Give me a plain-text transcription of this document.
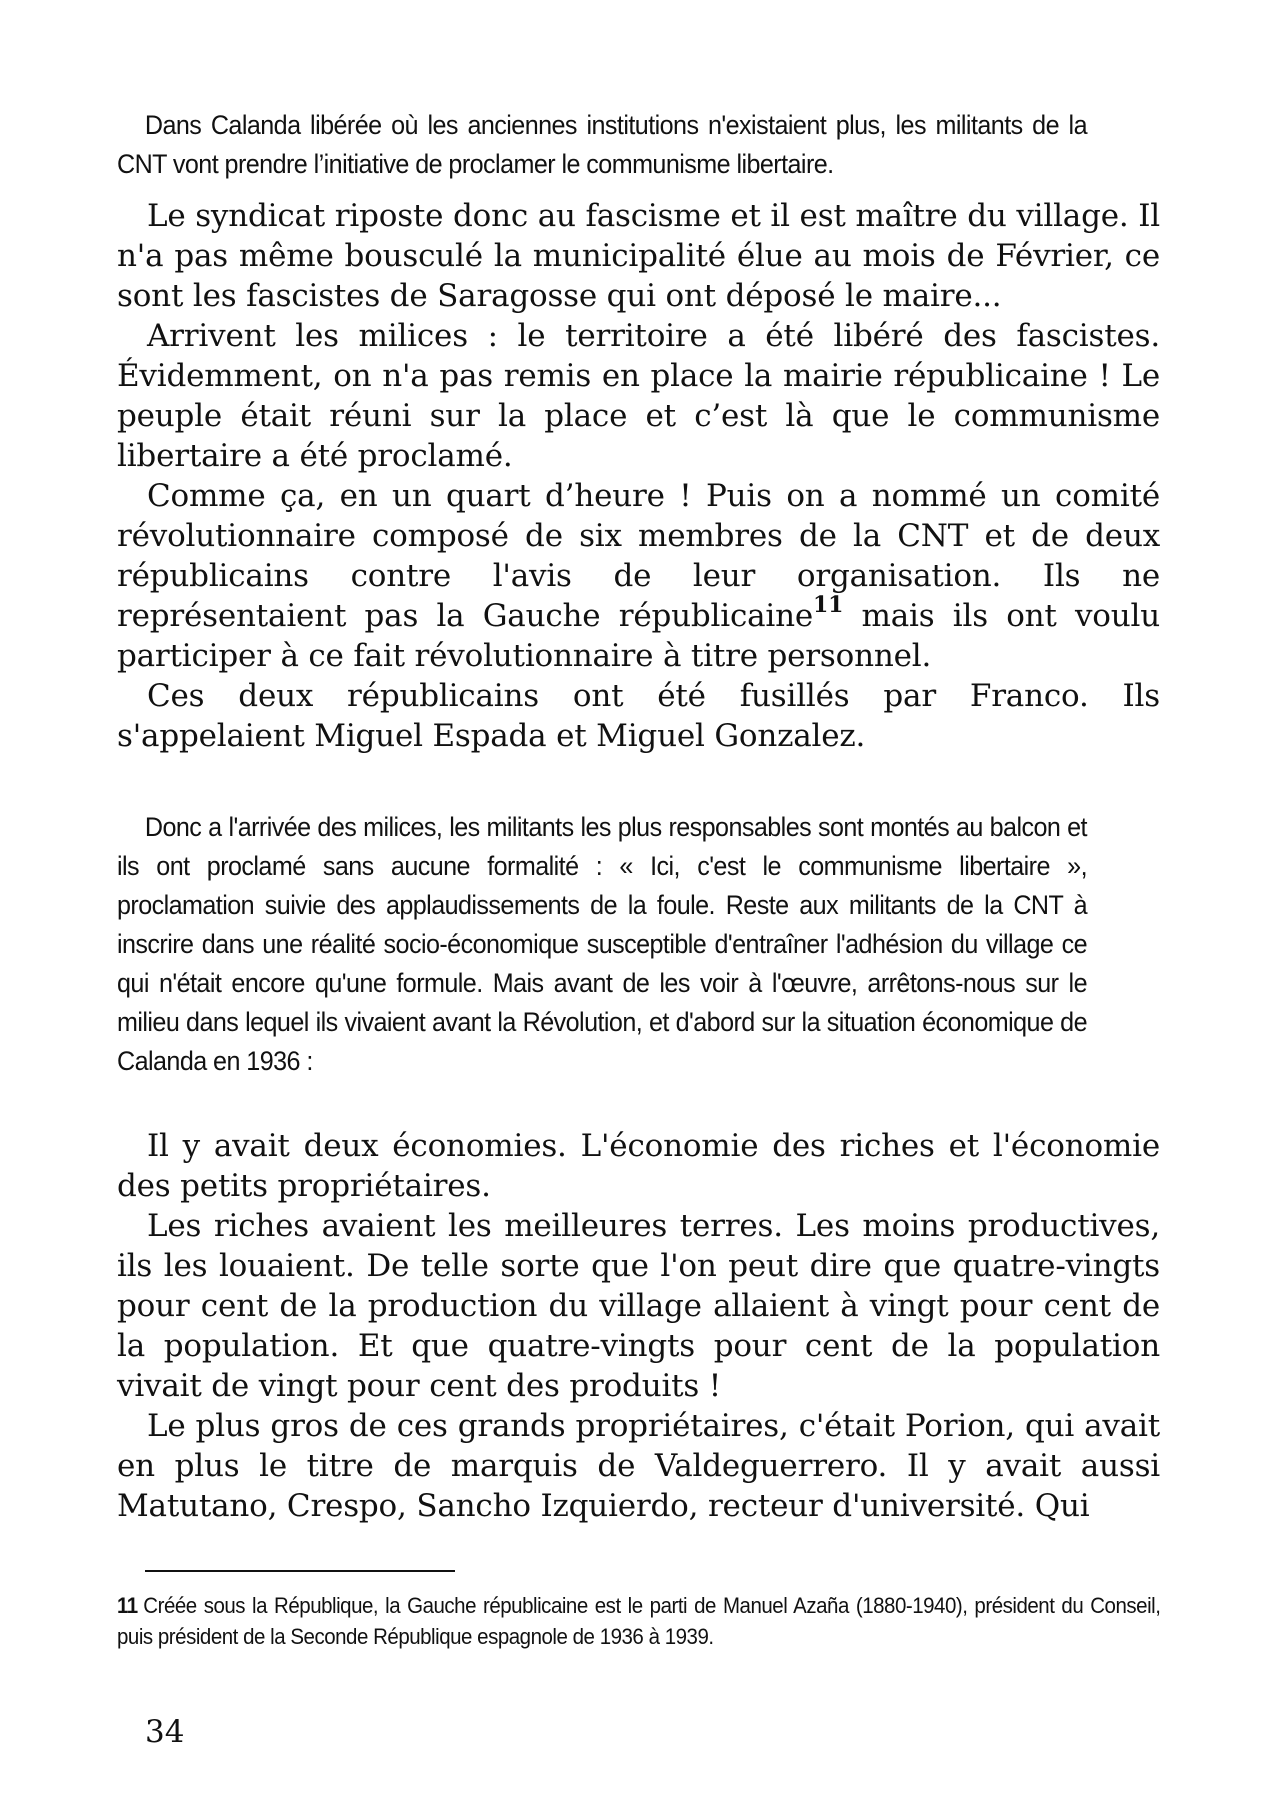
Dans Calanda libérée où les anciennes institutions n'existaient plus, les militants de la CNT vont prendre l’initiative de proclamer le communisme libertaire.

Le syndicat riposte donc au fascisme et il est maître du village. Il n'a pas même bousculé la municipalité élue au mois de Février, ce sont les fascistes de Saragosse qui ont déposé le maire...

Arrivent les milices : le territoire a été libéré des fascistes. Évidemment, on n'a pas remis en place la mairie républicaine ! Le peuple était réuni sur la place et c’est là que le communisme libertaire a été proclamé.

Comme ça, en un quart d’heure ! Puis on a nommé un comité révolutionnaire composé de six membres de la CNT et de deux républicains contre l'avis de leur organisation. Ils ne représentaient pas la Gauche républicaine$^{11}$ mais ils ont voulu participer à ce fait révolutionnaire à titre personnel.

Ces deux républicains ont été fusillés par Franco. Ils s'appelaient Miguel Espada et Miguel Gonzalez.

Donc a l'arrivée des milices, les militants les plus responsables sont montés au balcon et ils ont proclamé sans aucune formalité : « Ici, c'est le communisme libertaire », proclamation suivie des applaudissements de la foule. Reste aux militants de la CNT à inscrire dans une réalité socio-économique susceptible d'entraîner l'adhésion du village ce qui n'était encore qu'une formule. Mais avant de les voir à l'œuvre, arrêtons-nous sur le milieu dans lequel ils vivaient avant la Révolution, et d'abord sur la situation économique de Calanda en 1936 :

Il y avait deux économies. L'économie des riches et l'économie des petits propriétaires.

Les riches avaient les meilleures terres. Les moins productives, ils les louaient. De telle sorte que l'on peut dire que quatre-vingts pour cent de la production du village allaient à vingt pour cent de la population. Et que quatre-vingts pour cent de la population vivait de vingt pour cent des produits !

Le plus gros de ces grands propriétaires, c'était Porion, qui avait en plus le titre de marquis de Valdeguerrero. Il y avait aussi Matutano, Crespo, Sancho Izquierdo, recteur d'université. Qui

11 Créée sous la République, la Gauche républicaine est le parti de Manuel Azaña (1880-1940), président du Conseil, puis président de la Seconde République espagnole de 1936 à 1939.
34
